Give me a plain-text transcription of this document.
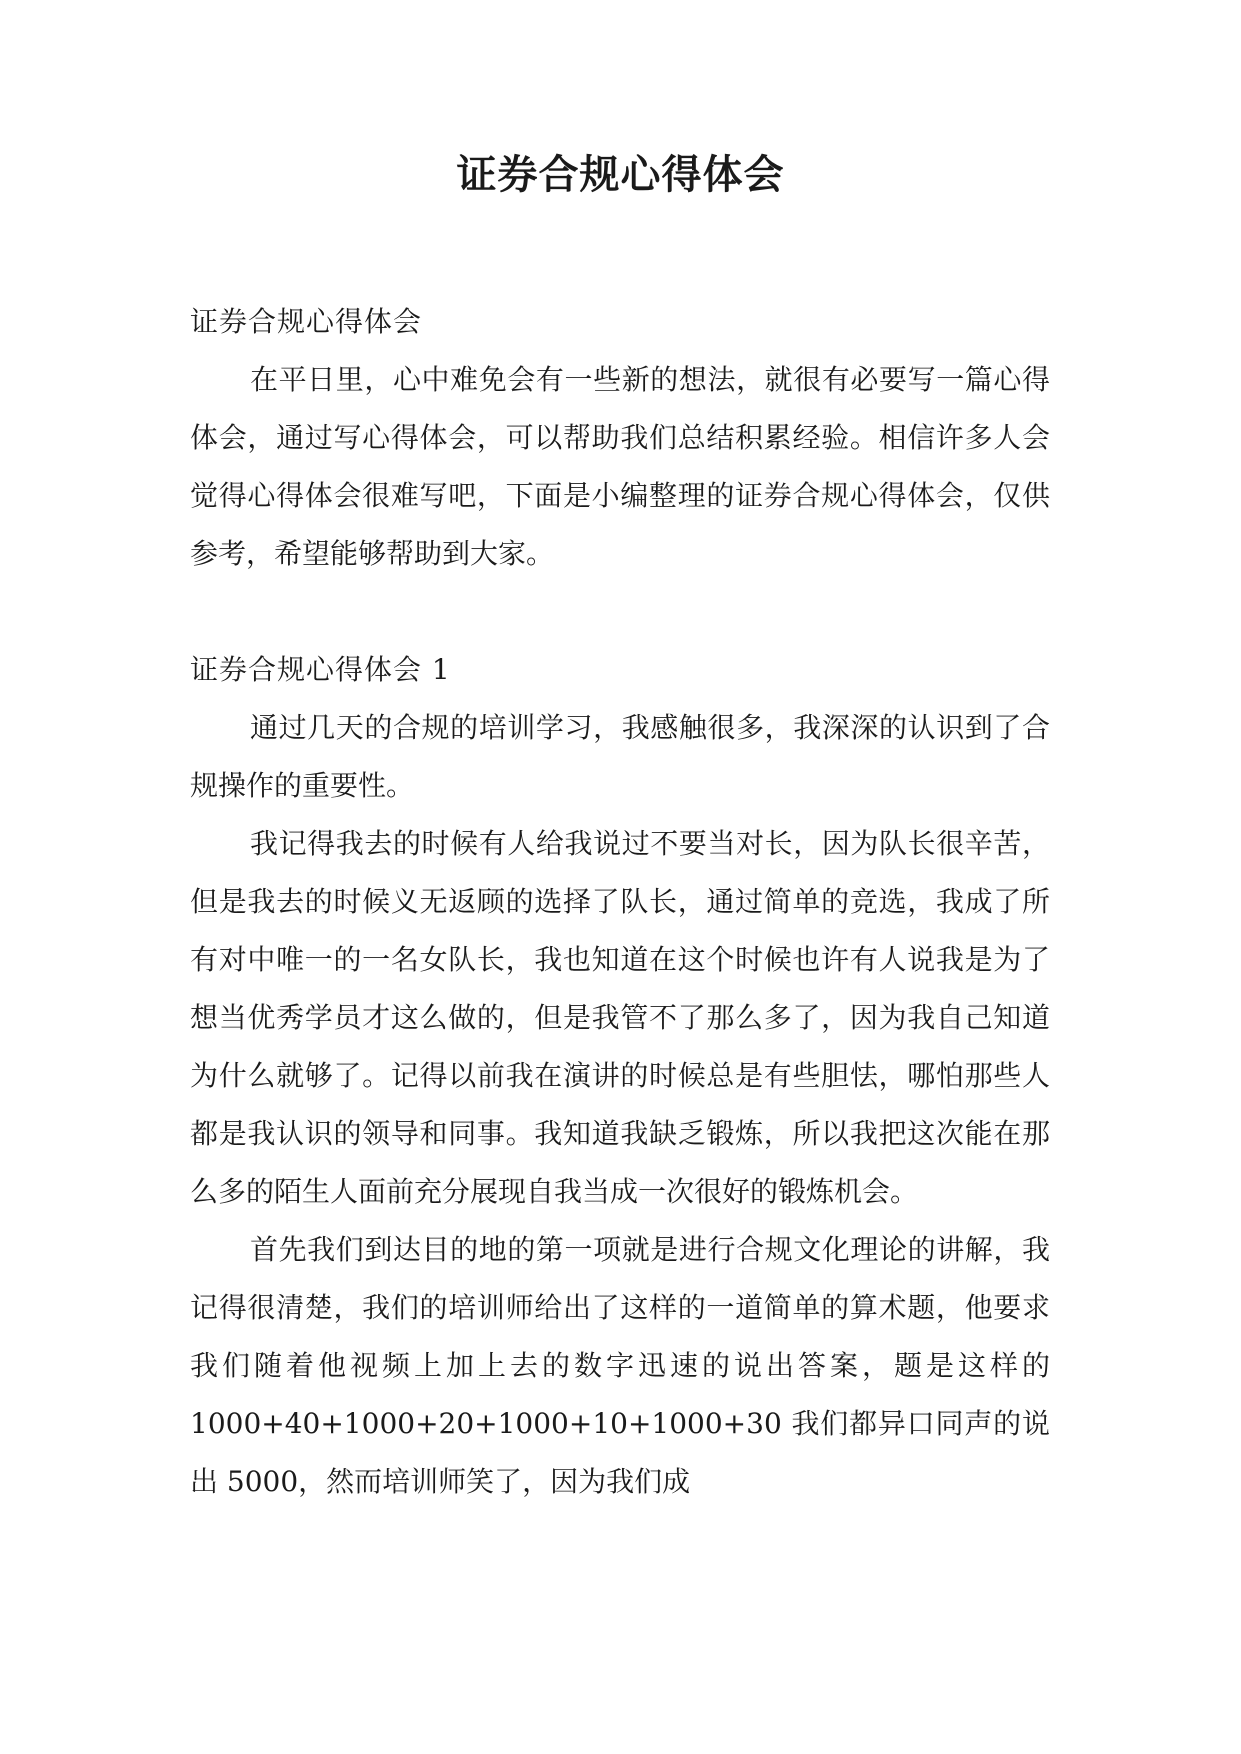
证券合规心得体会

证券合规心得体会

在平日里，心中难免会有一些新的想法，就很有必要写一篇心得体会，通过写心得体会，可以帮助我们总结积累经验。相信许多人会觉得心得体会很难写吧，下面是小编整理的证券合规心得体会，仅供参考，希望能够帮助到大家。

证券合规心得体会 1

通过几天的合规的培训学习，我感触很多，我深深的认识到了合规操作的重要性。

我记得我去的时候有人给我说过不要当对长，因为队长很辛苦，但是我去的时候义无返顾的选择了队长，通过简单的竞选，我成了所有对中唯一的一名女队长，我也知道在这个时候也许有人说我是为了想当优秀学员才这么做的，但是我管不了那么多了，因为我自己知道为什么就够了。记得以前我在演讲的时候总是有些胆怯，哪怕那些人都是我认识的领导和同事。我知道我缺乏锻炼，所以我把这次能在那么多的陌生人面前充分展现自我当成一次很好的锻炼机会。

首先我们到达目的地的第一项就是进行合规文化理论的讲解，我记得很清楚，我们的培训师给出了这样的一道简单的算术题，他要求我们随着他视频上加上去的数字迅速的说出答案，题是这样的 1000+40+1000+20+1000+10+1000+30 我们都异口同声的说出 5000，然而培训师笑了，因为我们成
